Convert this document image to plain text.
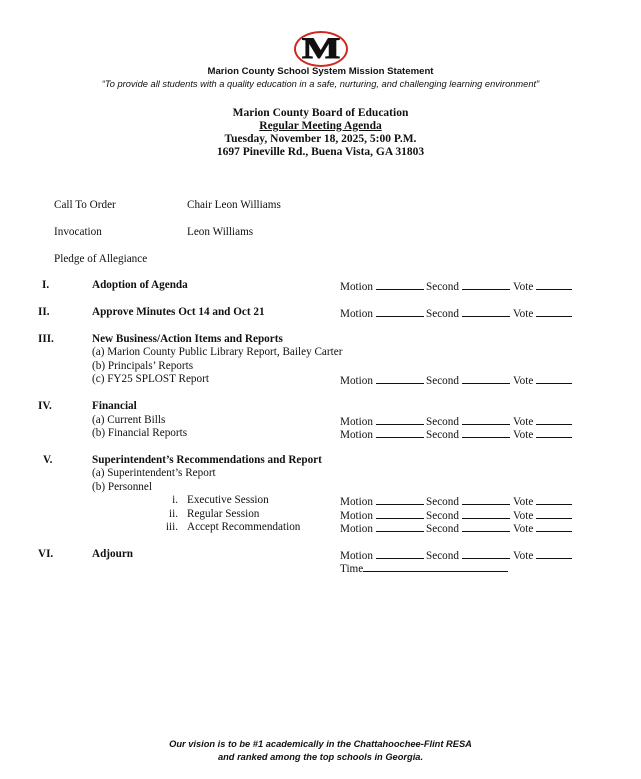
M
Marion County School System Mission Statement
“To provide all students with a quality education in a safe, nurturing, and challenging learning environment”
Marion County Board of Education
Regular Meeting Agenda
Tuesday, November 18, 2025, 5:00 P.M.
1697 Pineville Rd., Buena Vista, GA 31803
Call To Order	Chair Leon Williams
Invocation	Leon Williams
Pledge of Allegiance
I.	Adoption of Agenda	Motion	Second	Vote
II.	Approve Minutes Oct 14 and Oct 21	Motion	Second	Vote
III.	New Business/Action Items and Reports
(a) Marion County Public Library Report, Bailey Carter
(b) Principals’ Reports
(c) FY25 SPLOST Report	Motion	Second	Vote
IV.	Financial
(a) Current Bills	Motion	Second	Vote
(b) Financial Reports	Motion	Second	Vote
V.	Superintendent’s Recommendations and Report
(a) Superintendent’s Report
(b) Personnel
i. Executive Session	Motion	Second	Vote
ii. Regular Session	Motion	Second	Vote
iii. Accept Recommendation	Motion	Second	Vote
VI.	Adjourn	Motion	Second	Vote
Time
Our vision is to be #1 academically in the Chattahoochee-Flint RESA
and ranked among the top schools in Georgia.
